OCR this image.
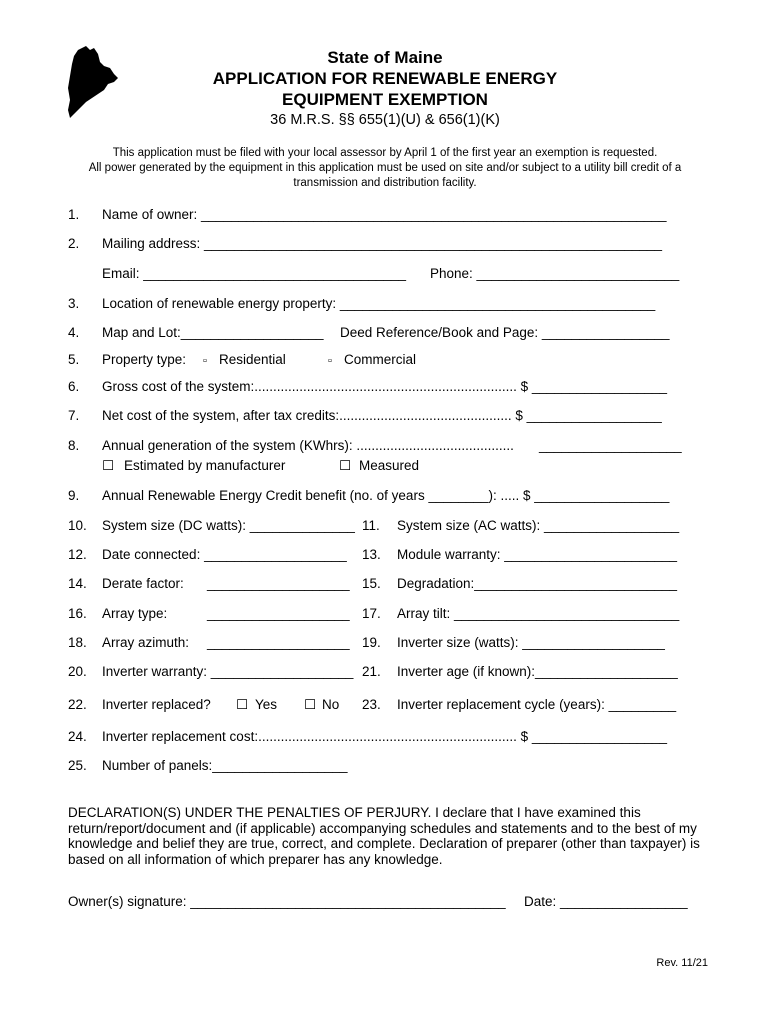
State of Maine
APPLICATION FOR RENEWABLE ENERGY
EQUIPMENT EXEMPTION
36 M.R.S. §§ 655(1)(U) & 656(1)(K)
This application must be filed with your local assessor by April 1 of the first year an exemption is requested.
All power generated by the equipment in this application must be used on site and/or subject to a utility bill credit of a transmission and distribution facility.
1. Name of owner: ______________________________________________________________
2. Mailing address: _____________________________________________________________
Email: ___________________________________ Phone: ___________________________
3. Location of renewable energy property: __________________________________________
4. Map and Lot:___________________ Deed Reference/Book and Page: _________________
5. Property type: ▫ Residential	▫ Commercial
6. Gross cost of the system:...................................................................... $ __________________
7. Net cost of the system, after tax credits:.............................................. $ __________________
8. Annual generation of the system (KWhrs): .......................................... ___________________
☐ Estimated by manufacturer	☐ Measured
9. Annual Renewable Energy Credit benefit (no. of years ________): ..... $ __________________
10. System size (DC watts): ______________ 11. System size (AC watts): __________________
12. Date connected: ___________________ 13. Module warranty: _______________________
14. Derate factor: ___________________ 15. Degradation:___________________________
16. Array type:	___________________ 17. Array tilt: ______________________________
18. Array azimuth: ___________________ 19. Inverter size (watts): ___________________
20. Inverter warranty: ___________________ 21. Inverter age (if known):___________________
22. Inverter replaced? ☐ Yes ☐ No 23. Inverter replacement cycle (years): _________
24. Inverter replacement cost:..................................................................... $ __________________
25. Number of panels:__________________
DECLARATION(S) UNDER THE PENALTIES OF PERJURY. I declare that I have examined this return/report/document and (if applicable) accompanying schedules and statements and to the best of my knowledge and belief they are true, correct, and complete. Declaration of preparer (other than taxpayer) is based on all information of which preparer has any knowledge.
Owner(s) signature: __________________________________________ Date: _________________
Rev. 11/21
